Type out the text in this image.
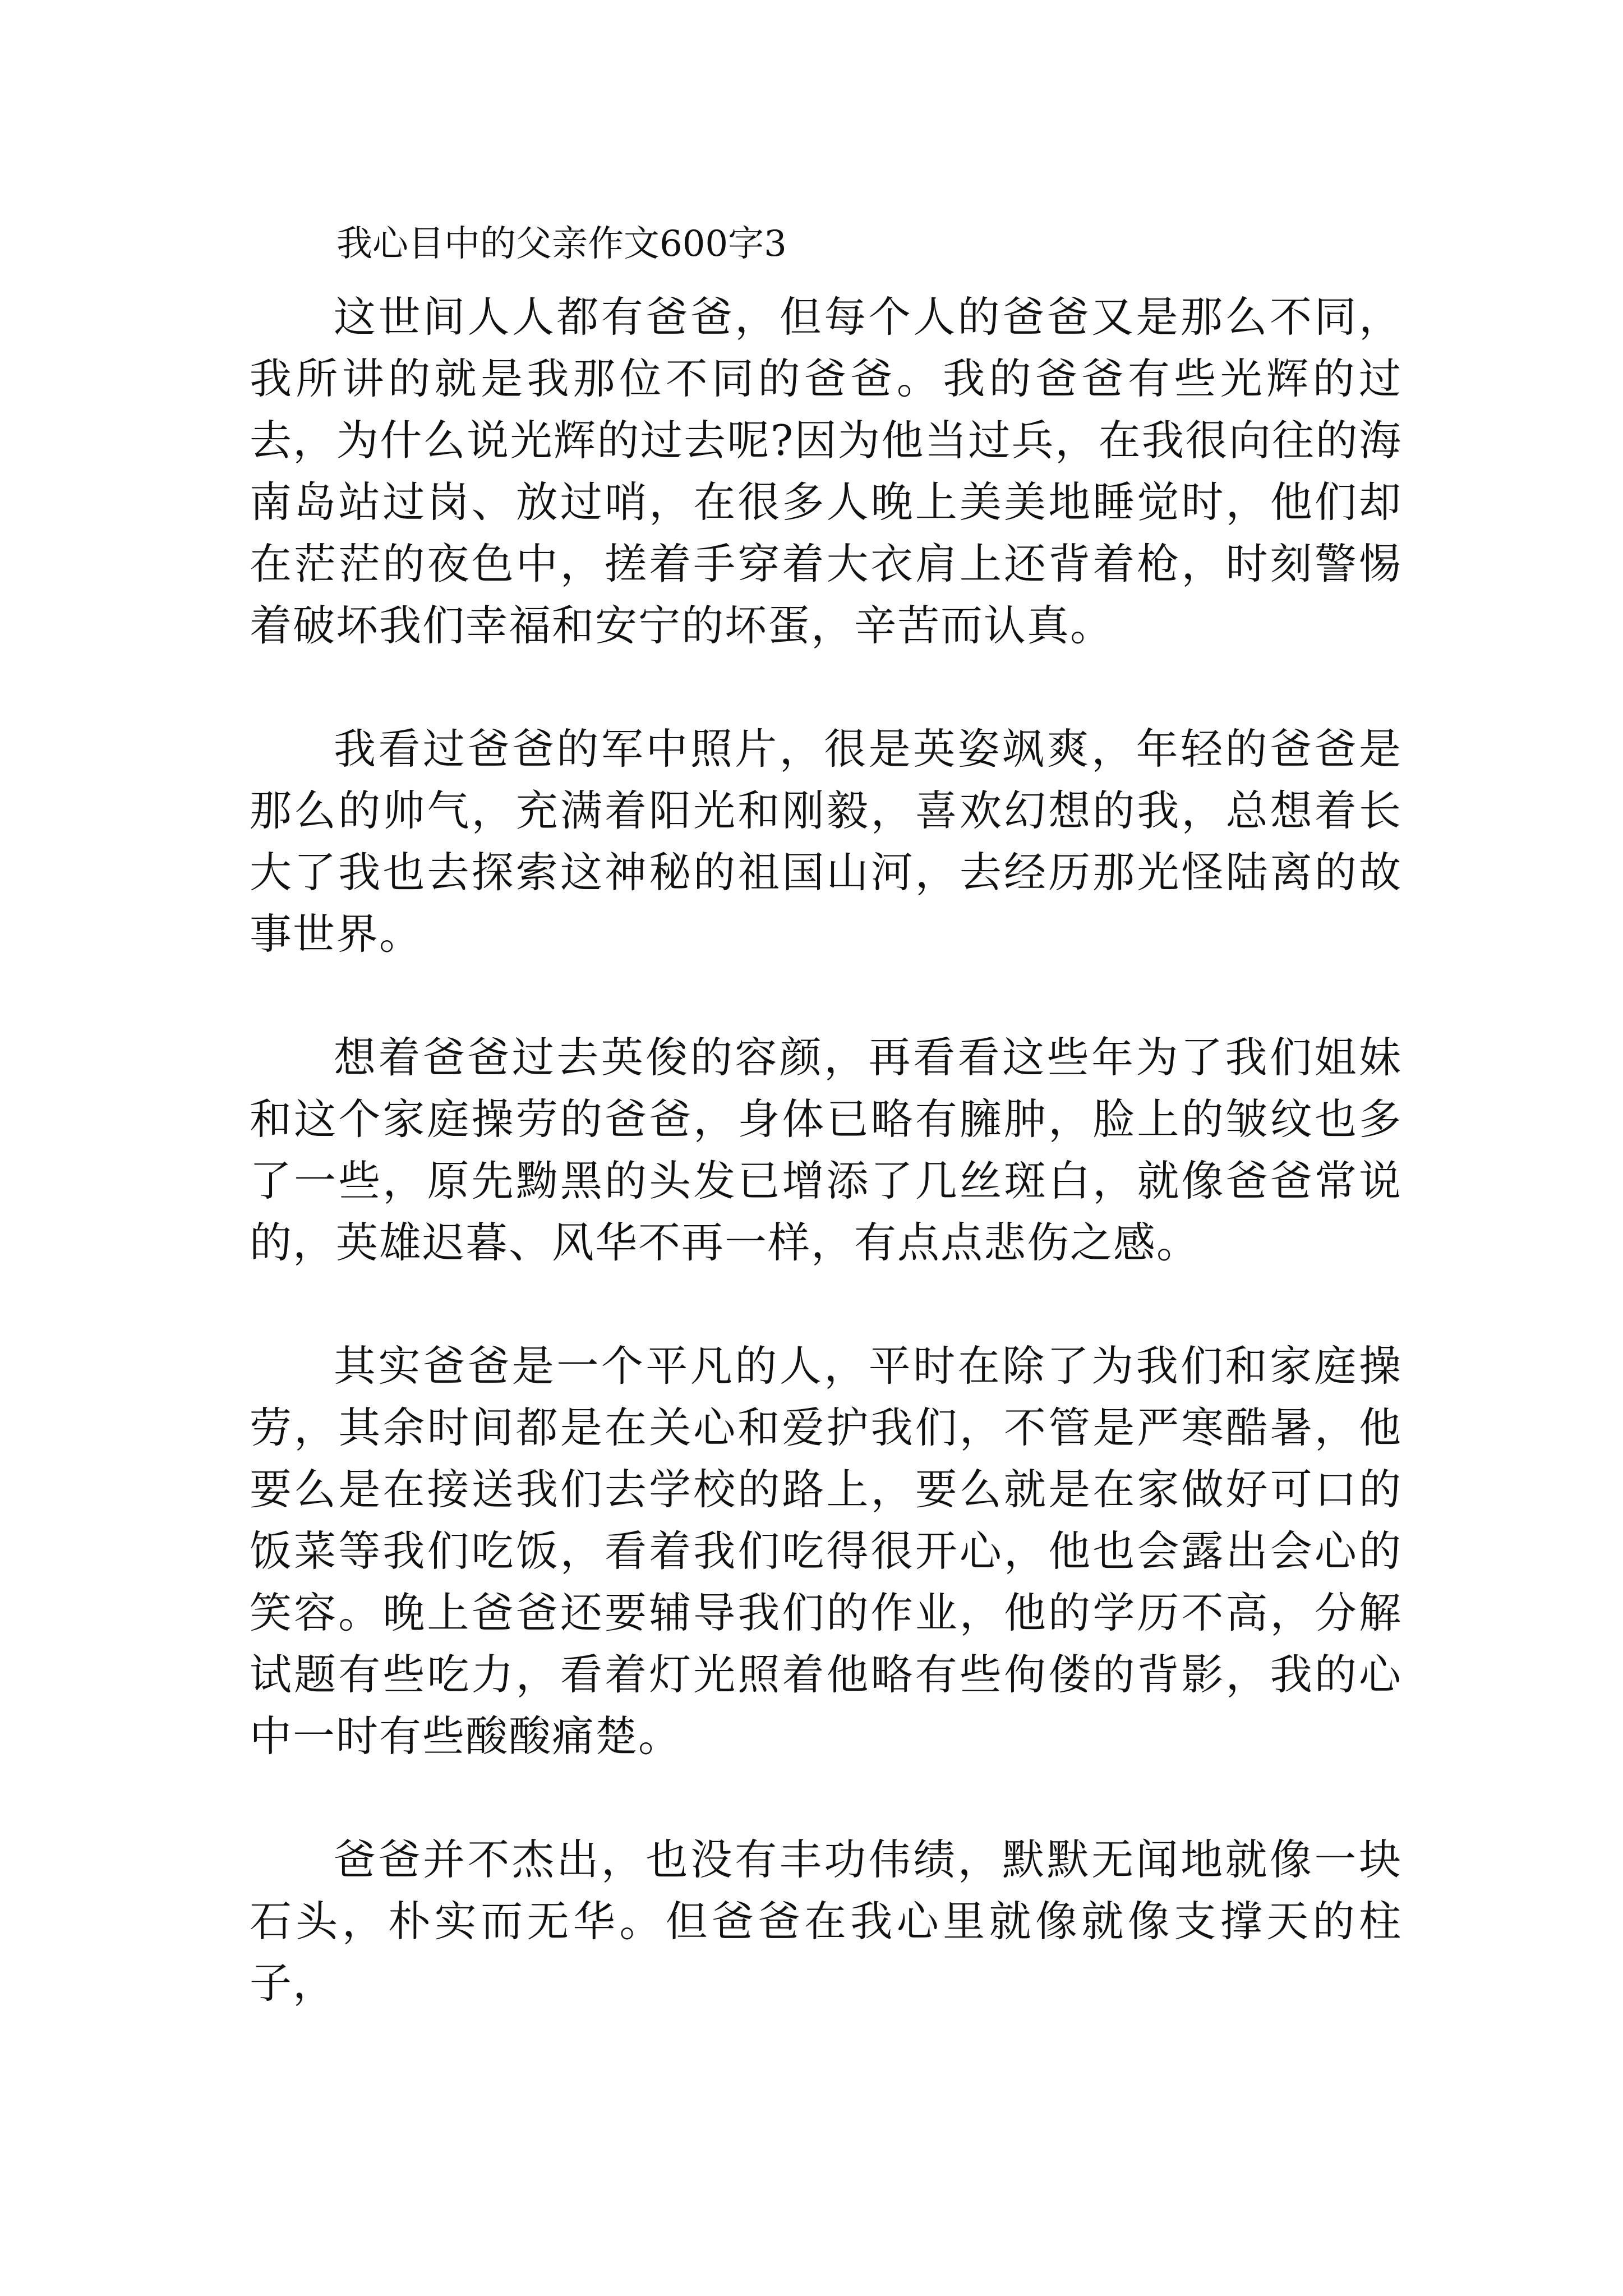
我心目中的父亲作文600字3

这世间人人都有爸爸，但每个人的爸爸又是那么不同，我所讲的就是我那位不同的爸爸。我的爸爸有些光辉的过去，为什么说光辉的过去呢?因为他当过兵，在我很向往的海南岛站过岗、放过哨，在很多人晚上美美地睡觉时，他们却在茫茫的夜色中，搓着手穿着大衣肩上还背着枪，时刻警惕着破坏我们幸福和安宁的坏蛋，辛苦而认真。

我看过爸爸的军中照片，很是英姿飒爽，年轻的爸爸是那么的帅气，充满着阳光和刚毅，喜欢幻想的我，总想着长大了我也去探索这神秘的祖国山河，去经历那光怪陆离的故事世界。

想着爸爸过去英俊的容颜，再看看这些年为了我们姐妹和这个家庭操劳的爸爸，身体已略有臃肿，脸上的皱纹也多了一些，原先黝黑的头发已增添了几丝斑白，就像爸爸常说的，英雄迟暮、风华不再一样，有点点悲伤之感。

其实爸爸是一个平凡的人，平时在除了为我们和家庭操劳，其余时间都是在关心和爱护我们，不管是严寒酷暑，他要么是在接送我们去学校的路上，要么就是在家做好可口的饭菜等我们吃饭，看着我们吃得很开心，他也会露出会心的笑容。晚上爸爸还要辅导我们的作业，他的学历不高，分解试题有些吃力，看着灯光照着他略有些佝偻的背影，我的心中一时有些酸酸痛楚。

爸爸并不杰出，也没有丰功伟绩，默默无闻地就像一块石头，朴实而无华。但爸爸在我心里就像就像支撑天的柱子，
